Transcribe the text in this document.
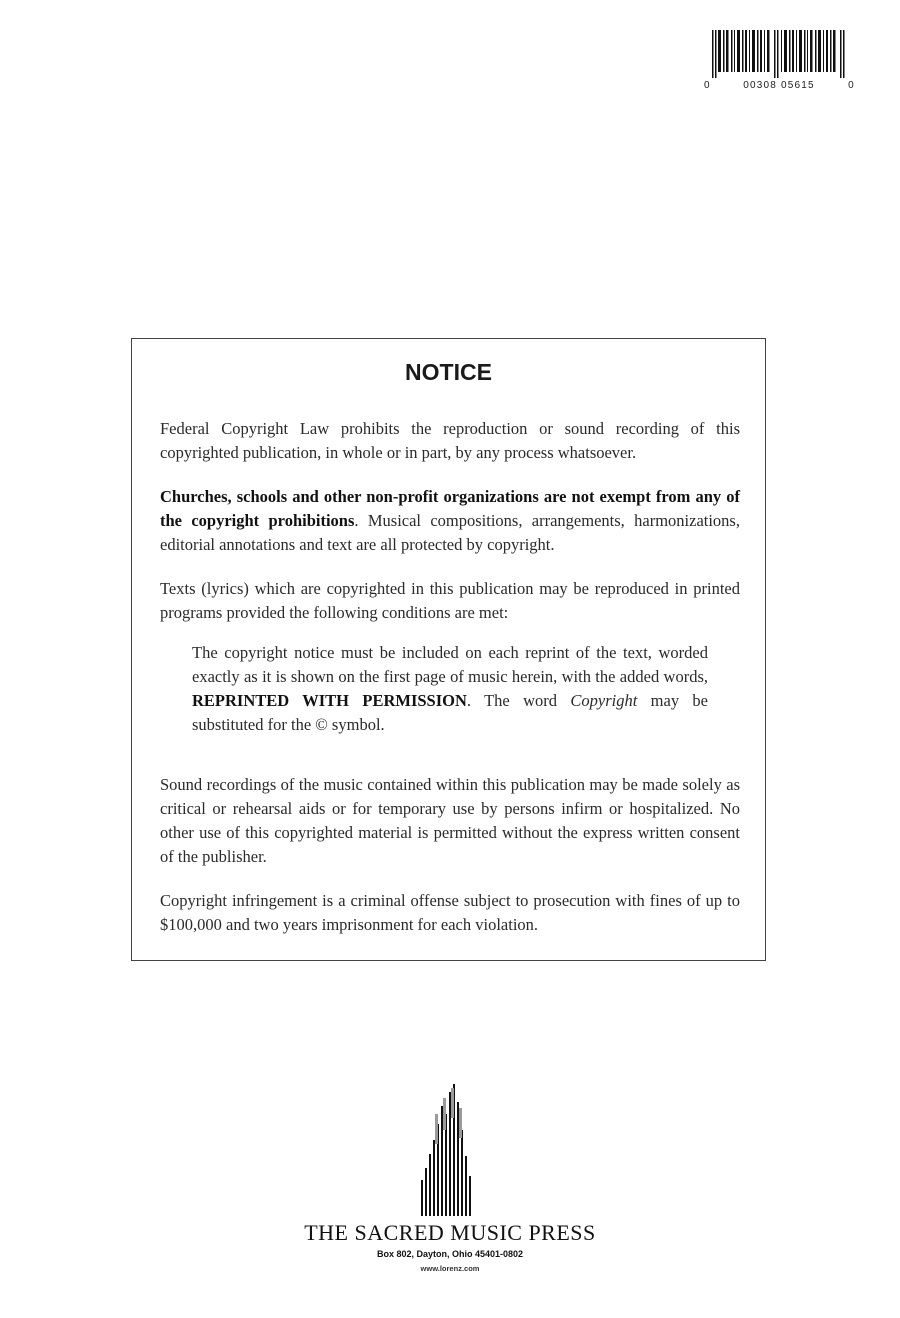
0	00308 05615	0
NOTICE
Federal Copyright Law prohibits the reproduction or sound recording of this copyrighted publication, in whole or in part, by any process whatsoever.
Churches, schools and other non-profit organizations are not exempt from any of the copyright prohibitions. Musical compositions, arrangements, harmonizations, editorial annotations and text are all protected by copyright.
Texts (lyrics) which are copyrighted in this publication may be reproduced in printed programs provided the following conditions are met:
The copyright notice must be included on each reprint of the text, worded exactly as it is shown on the first page of music herein, with the added words, REPRINTED WITH PERMISSION. The word Copyright may be substituted for the © symbol.
Sound recordings of the music contained within this publication may be made solely as critical or rehearsal aids or for temporary use by persons infirm or hospitalized. No other use of this copyrighted material is permitted without the express written consent of the publisher.
Copyright infringement is a criminal offense subject to prosecution with fines of up to $100,000 and two years imprisonment for each violation.
THE SACRED MUSIC PRESS
Box 802, Dayton, Ohio 45401-0802
www.lorenz.com
